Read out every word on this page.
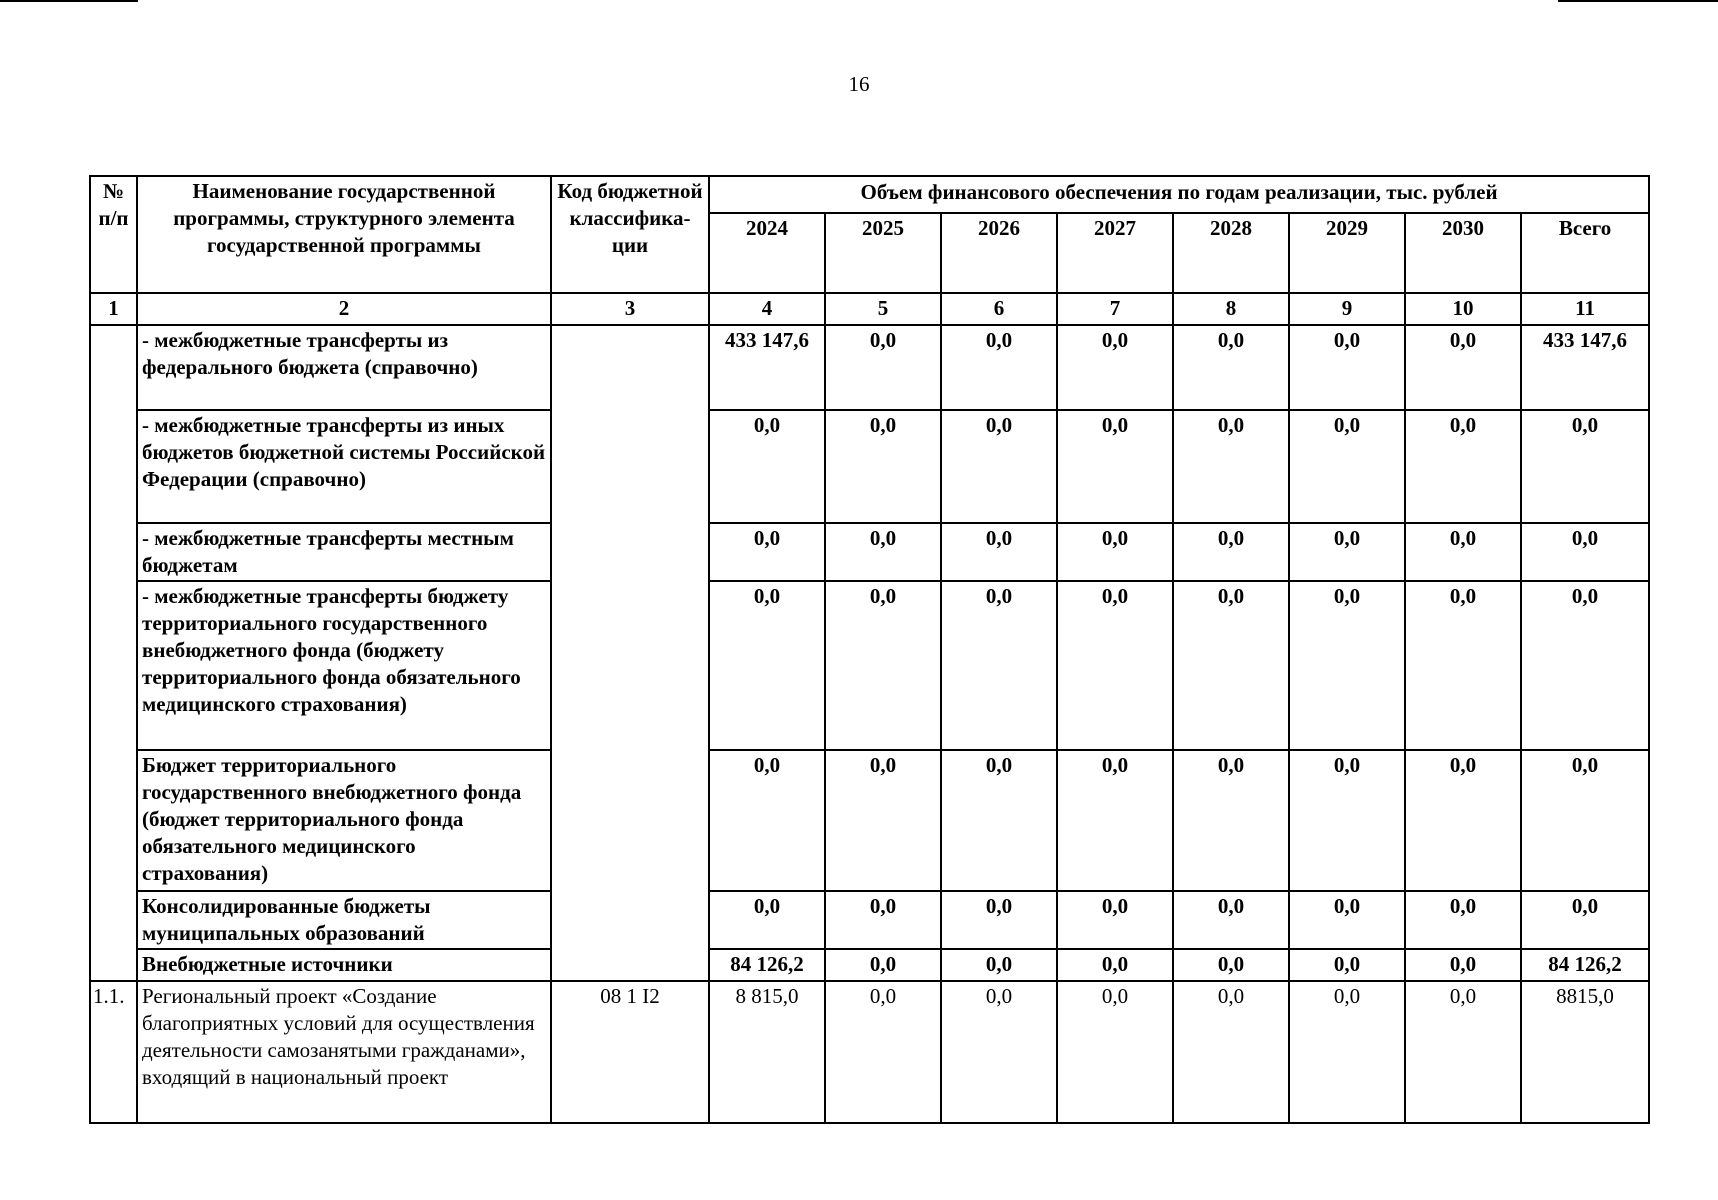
16
№ п/п	Наименование государственной программы, структурного элемента государственной программы	Код бюджетной классифика-ции	Объем финансового обеспечения по годам реализации, тыс. рублей							
			2024	2025	2026	2027	2028	2029	2030	Всего
1	2	3	4	5	6	7	8	9	10	11
	- межбюджетные трансферты из федерального бюджета (справочно)		433 147,6	0,0	0,0	0,0	0,0	0,0	0,0	433 147,6
	- межбюджетные трансферты из иных бюджетов бюджетной системы Российской Федерации (справочно)		0,0	0,0	0,0	0,0	0,0	0,0	0,0	0,0
	- межбюджетные трансферты местным бюджетам		0,0	0,0	0,0	0,0	0,0	0,0	0,0	0,0
	- межбюджетные трансферты бюджету территориального государственного внебюджетного фонда (бюджету территориального фонда обязательного медицинского страхования)		0,0	0,0	0,0	0,0	0,0	0,0	0,0	0,0
	Бюджет территориального государственного внебюджетного фонда (бюджет территориального фонда обязательного медицинского страхования)		0,0	0,0	0,0	0,0	0,0	0,0	0,0	0,0
	Консолидированные бюджеты муниципальных образований		0,0	0,0	0,0	0,0	0,0	0,0	0,0	0,0
	Внебюджетные источники		84 126,2	0,0	0,0	0,0	0,0	0,0	0,0	84 126,2
1.1.	Региональный проект «Создание благоприятных условий для осуществления деятельности самозанятыми гражданами», входящий в национальный проект	08 1 I2	8 815,0	0,0	0,0	0,0	0,0	0,0	0,0	8815,0
